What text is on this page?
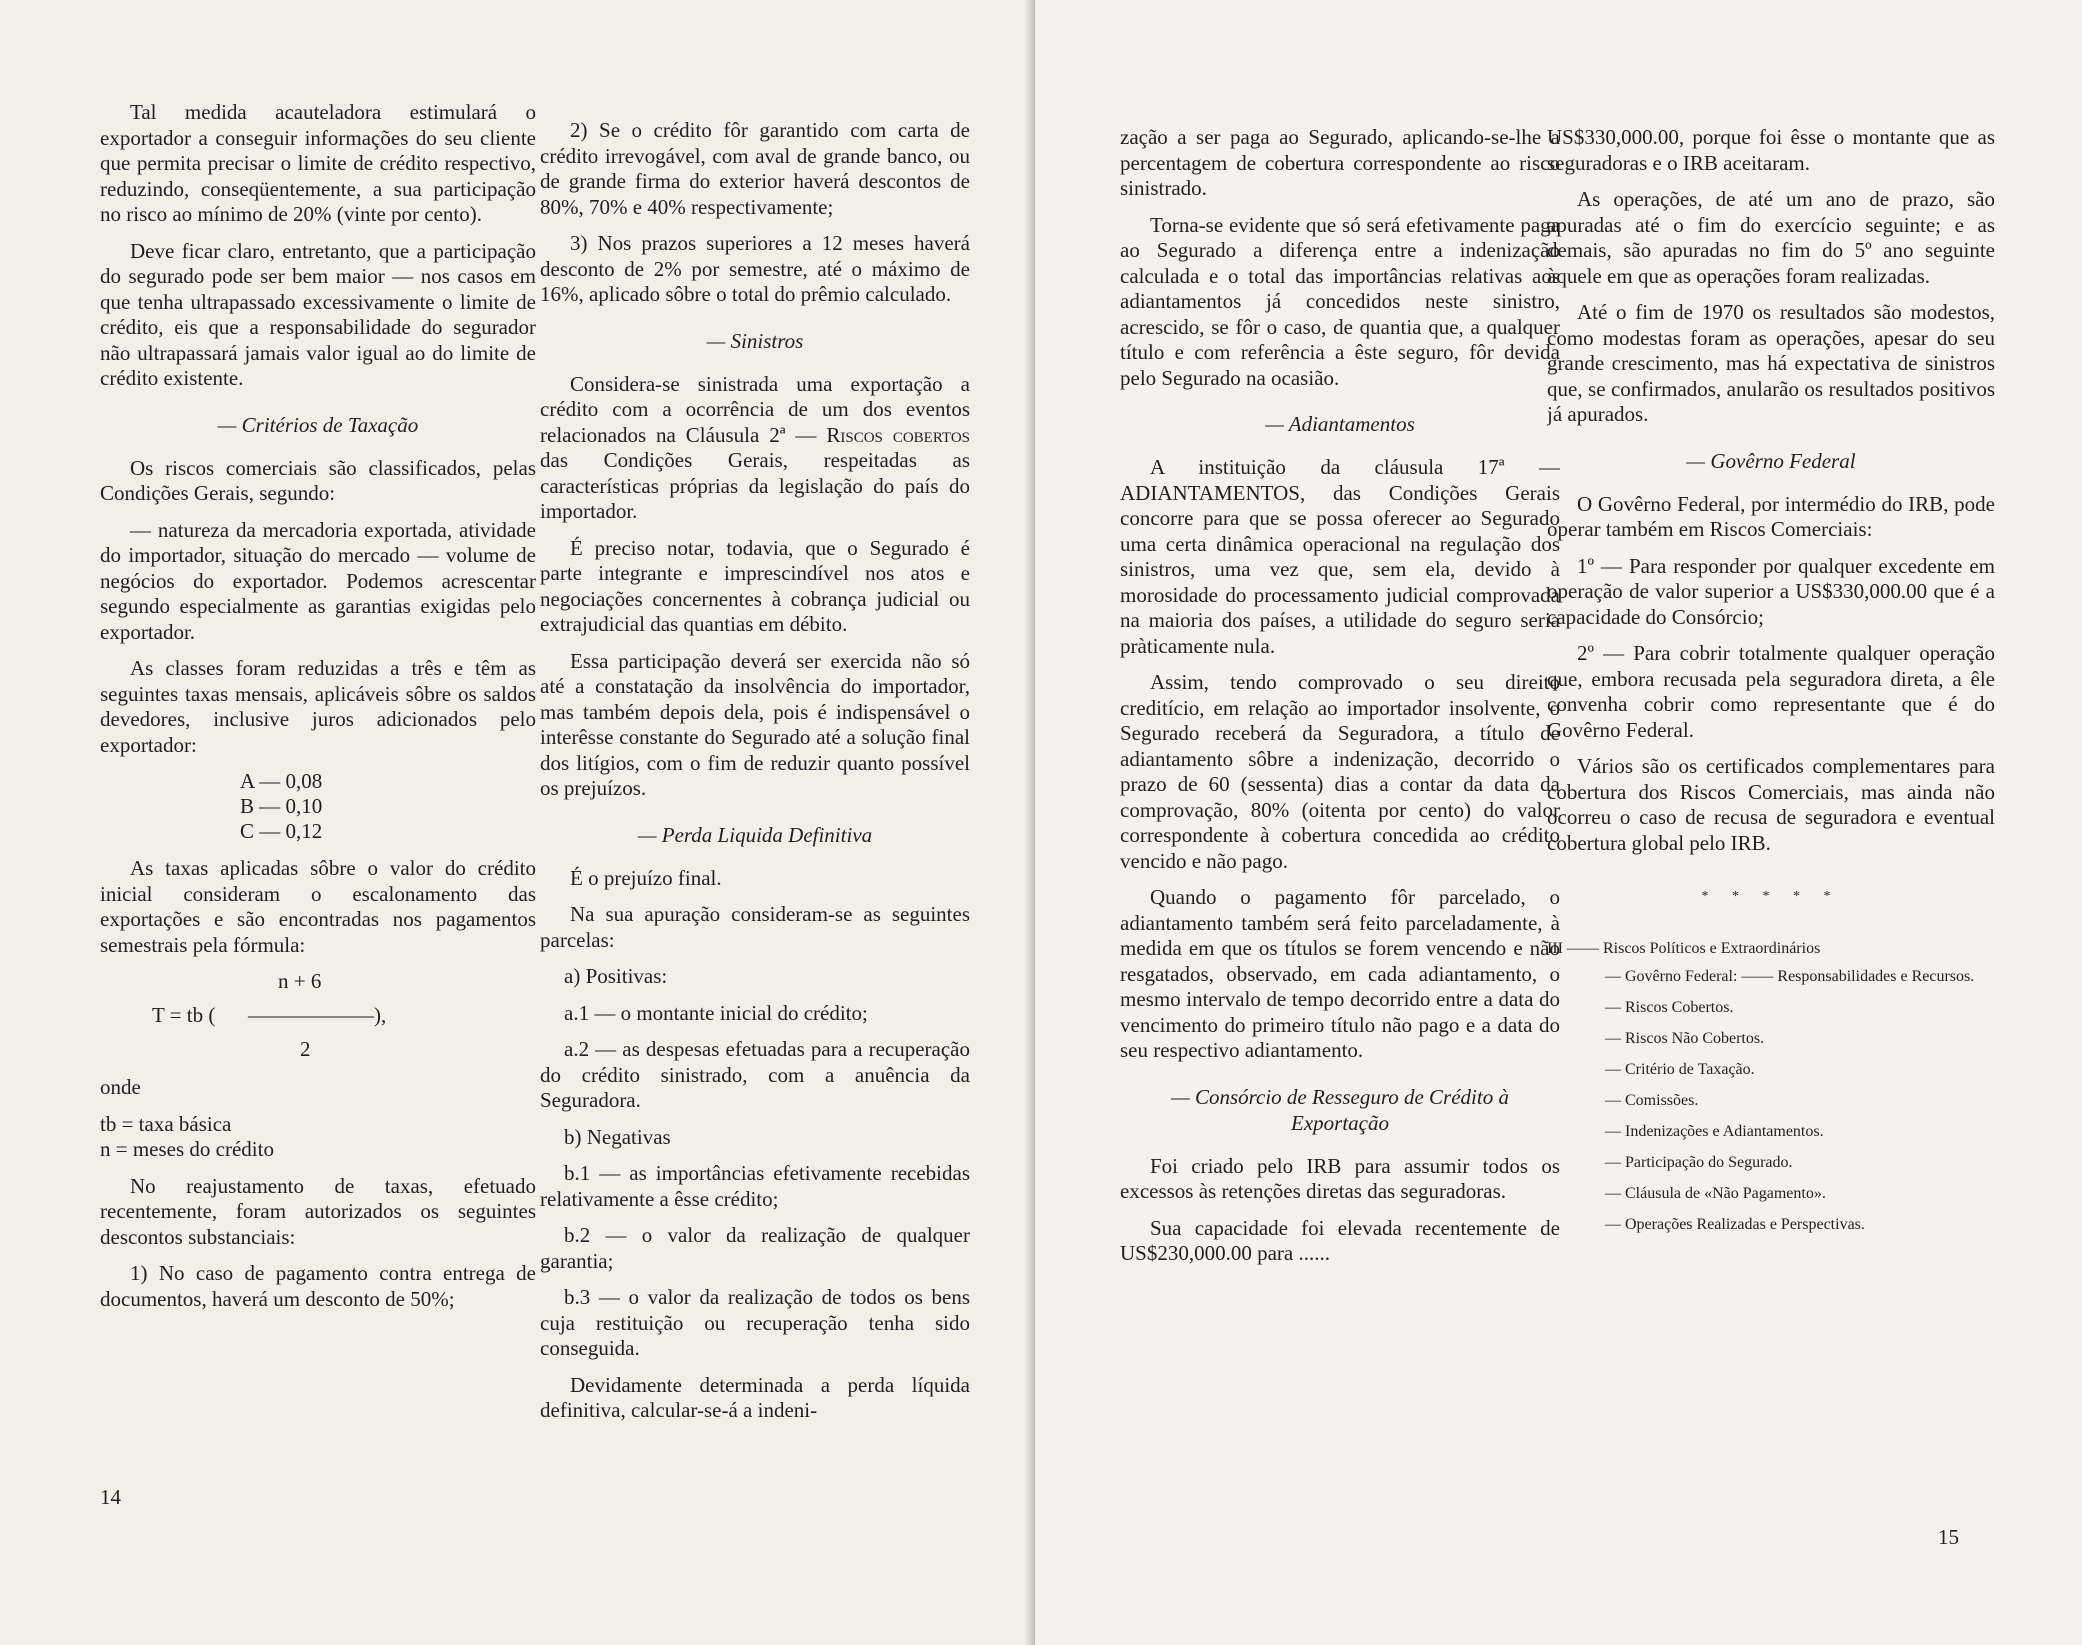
Tal medida acauteladora estimulará o exportador a conseguir informações do seu cliente que permita precisar o limite de crédito respectivo, reduzindo, conseqüentemente, a sua participação no risco ao mínimo de 20% (vinte por cento).

Deve ficar claro, entretanto, que a participação do segurado pode ser bem maior — nos casos em que tenha ultrapassado excessivamente o limite de crédito, eis que a responsabilidade do segurador não ultrapassará jamais valor igual ao do limite de crédito existente.

— Critérios de Taxação

Os riscos comerciais são classificados, pelas Condições Gerais, segundo:

— natureza da mercadoria exportada, atividade do importador, situação do mercado — volume de negócios do exportador. Podemos acrescentar segundo especialmente as garantias exigidas pelo exportador.

As classes foram reduzidas a três e têm as seguintes taxas mensais, aplicáveis sôbre os saldos devedores, inclusive juros adicionados pelo exportador:

A — 0,08
B — 0,10
C — 0,12

As taxas aplicadas sôbre o valor do crédito inicial consideram o escalonamento das exportações e são encontradas nos pagamentos semestrais pela fórmula:

n + 6
T = tb ( ——————),
2

onde

tb = taxa básica
n = meses do crédito

No reajustamento de taxas, efetuado recentemente, foram autorizados os seguintes descontos substanciais:

1) No caso de pagamento contra entrega de documentos, haverá um desconto de 50%;

2) Se o crédito fôr garantido com carta de crédito irrevogável, com aval de grande banco, ou de grande firma do exterior haverá descontos de 80%, 70% e 40% respectivamente;

3) Nos prazos superiores a 12 meses haverá desconto de 2% por semestre, até o máximo de 16%, aplicado sôbre o total do prêmio calculado.

— Sinistros

Considera-se sinistrada uma exportação a crédito com a ocorrência de um dos eventos relacionados na Cláusula 2ª — Riscos cobertos das Condições Gerais, respeitadas as características próprias da legislação do país do importador.

É preciso notar, todavia, que o Segurado é parte integrante e imprescindível nos atos e negociações concernentes à cobrança judicial ou extrajudicial das quantias em débito.

Essa participação deverá ser exercida não só até a constatação da insolvência do importador, mas também depois dela, pois é indispensável o interêsse constante do Segurado até a solução final dos litígios, com o fim de reduzir quanto possível os prejuízos.

— Perda Liquida Definitiva

É o prejuízo final.

Na sua apuração consideram-se as seguintes parcelas:

a) Positivas:

a.1 — o montante inicial do crédito;

a.2 — as despesas efetuadas para a recuperação do crédito sinistrado, com a anuência da Seguradora.

b) Negativas

b.1 — as importâncias efetivamente recebidas relativamente a êsse crédito;

b.2 — o valor da realização de qualquer garantia;

b.3 — o valor da realização de todos os bens cuja restituição ou recuperação tenha sido conseguida.

Devidamente determinada a perda líquida definitiva, calcular-se-á a indeni-

14

zação a ser paga ao Segurado, aplicando-se-lhe a percentagem de cobertura correspondente ao risco sinistrado.

Torna-se evidente que só será efetivamente paga ao Segurado a diferença entre a indenização calculada e o total das importâncias relativas aos adiantamentos já concedidos neste sinistro, acrescido, se fôr o caso, de quantia que, a qualquer título e com referência a êste seguro, fôr devida pelo Segurado na ocasião.

— Adiantamentos

A instituição da cláusula 17ª — ADIANTAMENTOS, das Condições Gerais concorre para que se possa oferecer ao Segurado uma certa dinâmica operacional na regulação dos sinistros, uma vez que, sem ela, devido à morosidade do processamento judicial comprovada na maioria dos países, a utilidade do seguro seria pràticamente nula.

Assim, tendo comprovado o seu direito creditício, em relação ao importador insolvente, o Segurado receberá da Seguradora, a título de adiantamento sôbre a indenização, decorrido o prazo de 60 (sessenta) dias a contar da data da comprovação, 80% (oitenta por cento) do valor correspondente à cobertura concedida ao crédito vencido e não pago.

Quando o pagamento fôr parcelado, o adiantamento também será feito parceladamente, à medida em que os títulos se forem vencendo e não resgatados, observado, em cada adiantamento, o mesmo intervalo de tempo decorrido entre a data do vencimento do primeiro título não pago e a data do seu respectivo adiantamento.

— Consórcio de Resseguro de Crédito à Exportação

Foi criado pelo IRB para assumir todos os excessos às retenções diretas das seguradoras.

Sua capacidade foi elevada recentemente de US$230,000.00 para ......

US$330,000.00, porque foi êsse o montante que as seguradoras e o IRB aceitaram.

As operações, de até um ano de prazo, são apuradas até o fim do exercício seguinte; e as demais, são apuradas no fim do 5º ano seguinte àquele em que as operações foram realizadas.

Até o fim de 1970 os resultados são modestos, como modestas foram as operações, apesar do seu grande crescimento, mas há expectativa de sinistros que, se confirmados, anularão os resultados positivos já apurados.

— Govêrno Federal

O Govêrno Federal, por intermédio do IRB, pode operar também em Riscos Comerciais:

1º — Para responder por qualquer excedente em operação de valor superior a US$330,000.00 que é a capacidade do Consórcio;

2º — Para cobrir totalmente qualquer operação que, embora recusada pela seguradora direta, a êle convenha cobrir como representante que é do Govêrno Federal.

Vários são os certificados complementares para cobertura dos Riscos Comerciais, mas ainda não ocorreu o caso de recusa de seguradora e eventual cobertura global pelo IRB.

* * * * *
III —— Riscos Políticos e Extraordinários
— Govêrno Federal: —— Responsabilidades e Recursos.
— Riscos Cobertos.
— Riscos Não Cobertos.
— Critério de Taxação.
— Comissões.
— Indenizações e Adiantamentos.
— Participação do Segurado.
— Cláusula de «Não Pagamento».
— Operações Realizadas e Perspectivas.
15
